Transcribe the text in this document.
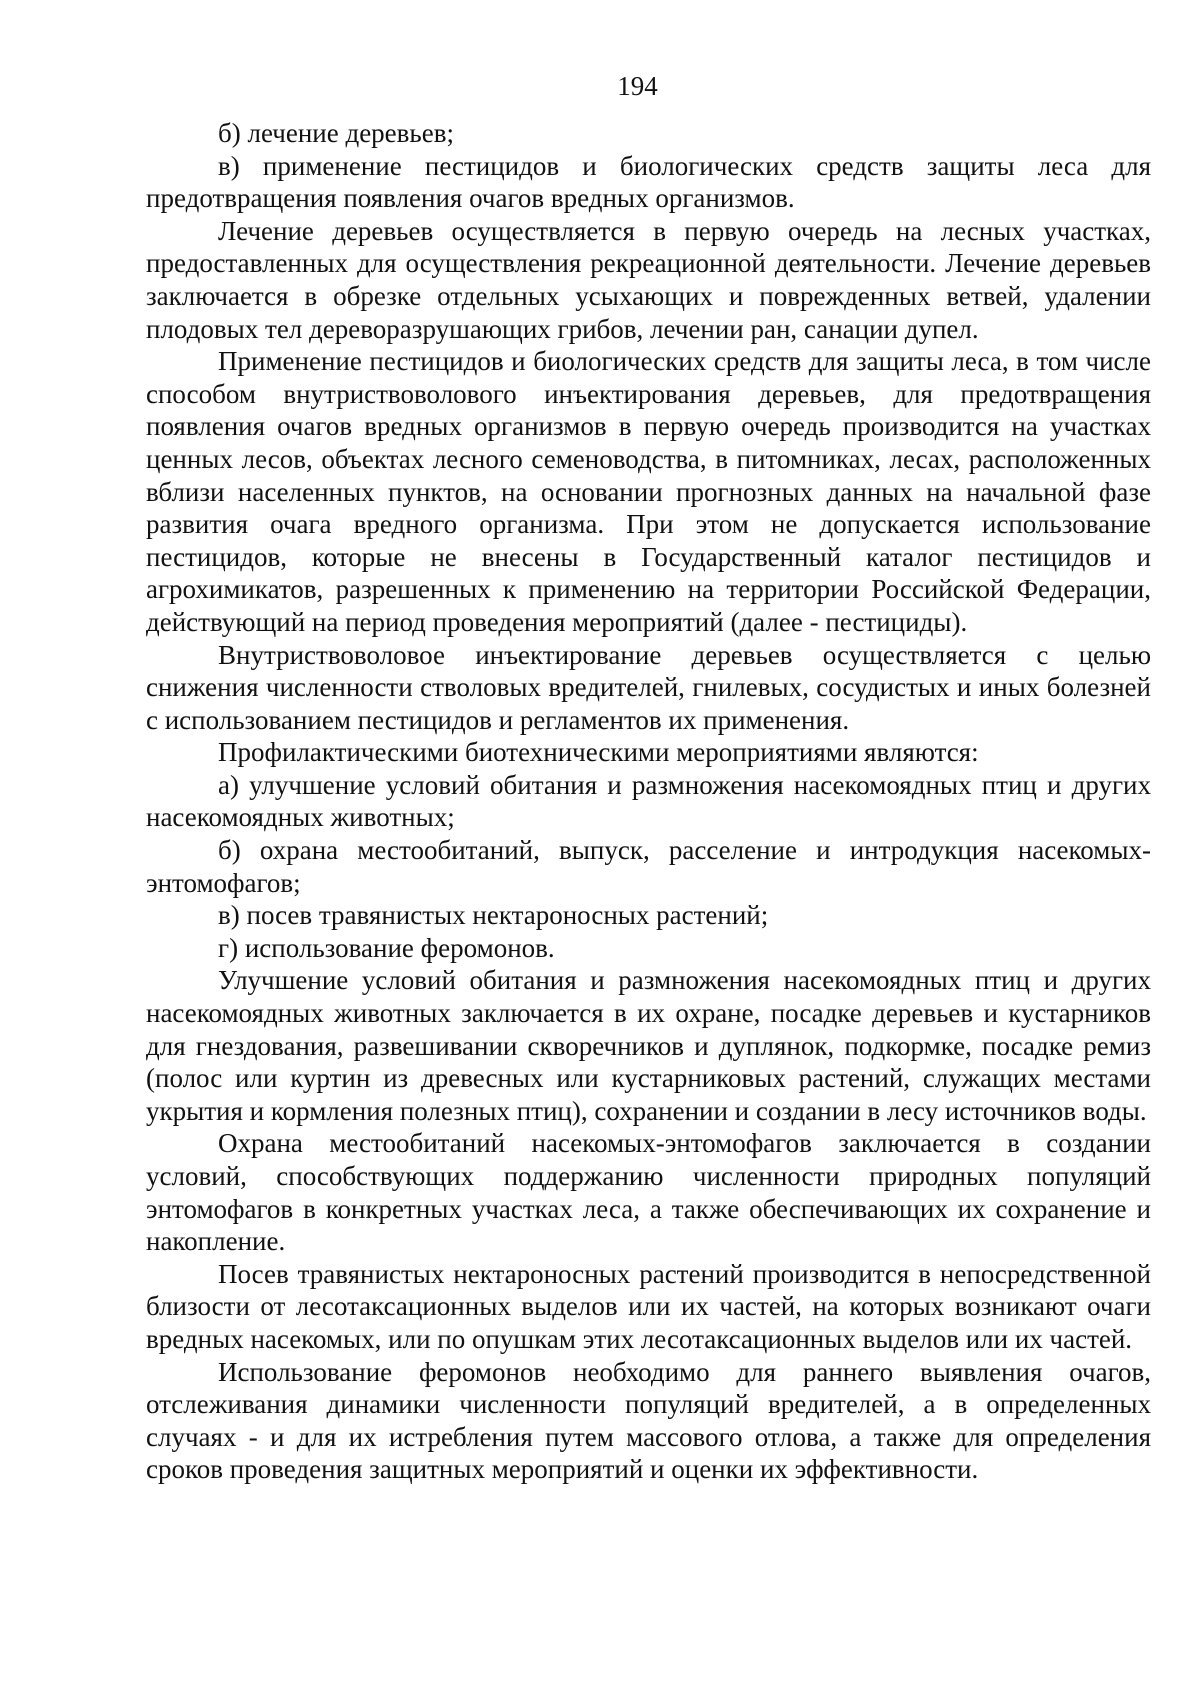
194

б) лечение деревьев;

в) применение пестицидов и биологических средств защиты леса для предотвращения появления очагов вредных организмов.

Лечение деревьев осуществляется в первую очередь на лесных участках, предоставленных для осуществления рекреационной деятельности. Лечение деревьев заключается в обрезке отдельных усыхающих и поврежденных ветвей, удалении плодовых тел дереворазрушающих грибов, лечении ран, санации дупел.

Применение пестицидов и биологических средств для защиты леса, в том числе способом внутриствоволового инъектирования деревьев, для предотвращения появления очагов вредных организмов в первую очередь производится на участках ценных лесов, объектах лесного семеноводства, в питомниках, лесах, расположенных вблизи населенных пунктов, на основании прогнозных данных на начальной фазе развития очага вредного организма. При этом не допускается использование пестицидов, которые не внесены в Государственный каталог пестицидов и агрохимикатов, разрешенных к применению на территории Российской Федерации, действующий на период проведения мероприятий (далее - пестициды).

Внутриствоволовое инъектирование деревьев осуществляется с целью снижения численности стволовых вредителей, гнилевых, сосудистых и иных болезней с использованием пестицидов и регламентов их применения.

Профилактическими биотехническими мероприятиями являются:

а) улучшение условий обитания и размножения насекомоядных птиц и других насекомоядных животных;

б) охрана местообитаний, выпуск, расселение и интродукция насекомых-энтомофагов;

в) посев травянистых нектароносных растений;

г) использование феромонов.

Улучшение условий обитания и размножения насекомоядных птиц и других насекомоядных животных заключается в их охране, посадке деревьев и кустарников для гнездования, развешивании скворечников и дуплянок, подкормке, посадке ремиз (полос или куртин из древесных или кустарниковых растений, служащих местами укрытия и кормления полезных птиц), сохранении и создании в лесу источников воды.

Охрана местообитаний насекомых-энтомофагов заключается в создании условий, способствующих поддержанию численности природных популяций энтомофагов в конкретных участках леса, а также обеспечивающих их сохранение и накопление.

Посев травянистых нектароносных растений производится в непосредственной близости от лесотаксационных выделов или их частей, на которых возникают очаги вредных насекомых, или по опушкам этих лесотаксационных выделов или их частей.

Использование феромонов необходимо для раннего выявления очагов, отслеживания динамики численности популяций вредителей, а в определенных случаях - и для их истребления путем массового отлова, а также для определения сроков проведения защитных мероприятий и оценки их эффективности.
